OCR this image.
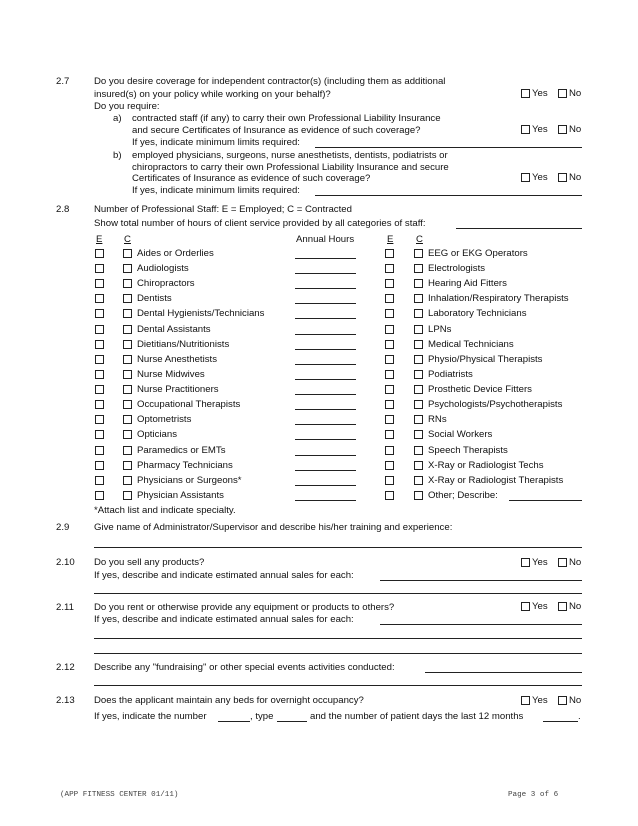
2.7	Do you desire coverage for independent contractor(s) (including them as additional
insured(s) on your policy while working on your behalf)?
Do you require:
a) contracted staff (if any) to carry their own Professional Liability Insurance
and secure Certificates of Insurance as evidence of such coverage?
If yes, indicate minimum limits required:
b) employed physicians, surgeons, nurse anesthetists, dentists, podiatrists or
chiropractors to carry their own Professional Liability Insurance and secure
Certificates of Insurance as evidence of such coverage?
If yes, indicate minimum limits required:
Yes No
Yes No
Yes No
2.8	Number of Professional Staff: E = Employed; C = Contracted
Show total number of hours of client service provided by all categories of staff:
E C	Annual Hours	E C
Aides or Orderlies	EEG or EKG Operators
Audiologists	Electrologists
Chiropractors	Hearing Aid Fitters
Dentists	Inhalation/Respiratory Therapists
Dental Hygienists/Technicians	Laboratory Technicians
Dental Assistants	LPNs
Dietitians/Nutritionists	Medical Technicians
Nurse Anesthetists	Physio/Physical Therapists
Nurse Midwives	Podiatrists
Nurse Practitioners	Prosthetic Device Fitters
Occupational Therapists	Psychologists/Psychotherapists
Optometrists	RNs
Opticians	Social Workers
Paramedics or EMTs	Speech Therapists
Pharmacy Technicians	X-Ray or Radiologist Techs
Physicians or Surgeons*	X-Ray or Radiologist Therapists
Physician Assistants	Other; Describe:
*Attach list and indicate specialty.
2.9	Give name of Administrator/Supervisor and describe his/her training and experience:
2.10 Do you sell any products?	Yes No
If yes, describe and indicate estimated annual sales for each:
2.11 Do you rent or otherwise provide any equipment or products to others?	Yes No
If yes, describe and indicate estimated annual sales for each:
2.12 Describe any "fundraising" or other special events activities conducted:
2.13 Does the applicant maintain any beds for overnight occupancy?	Yes No
If yes, indicate the number	, type	and the number of patient days the last 12 months	.
(APP FITNESS CENTER 01/11)	Page 3 of 6
